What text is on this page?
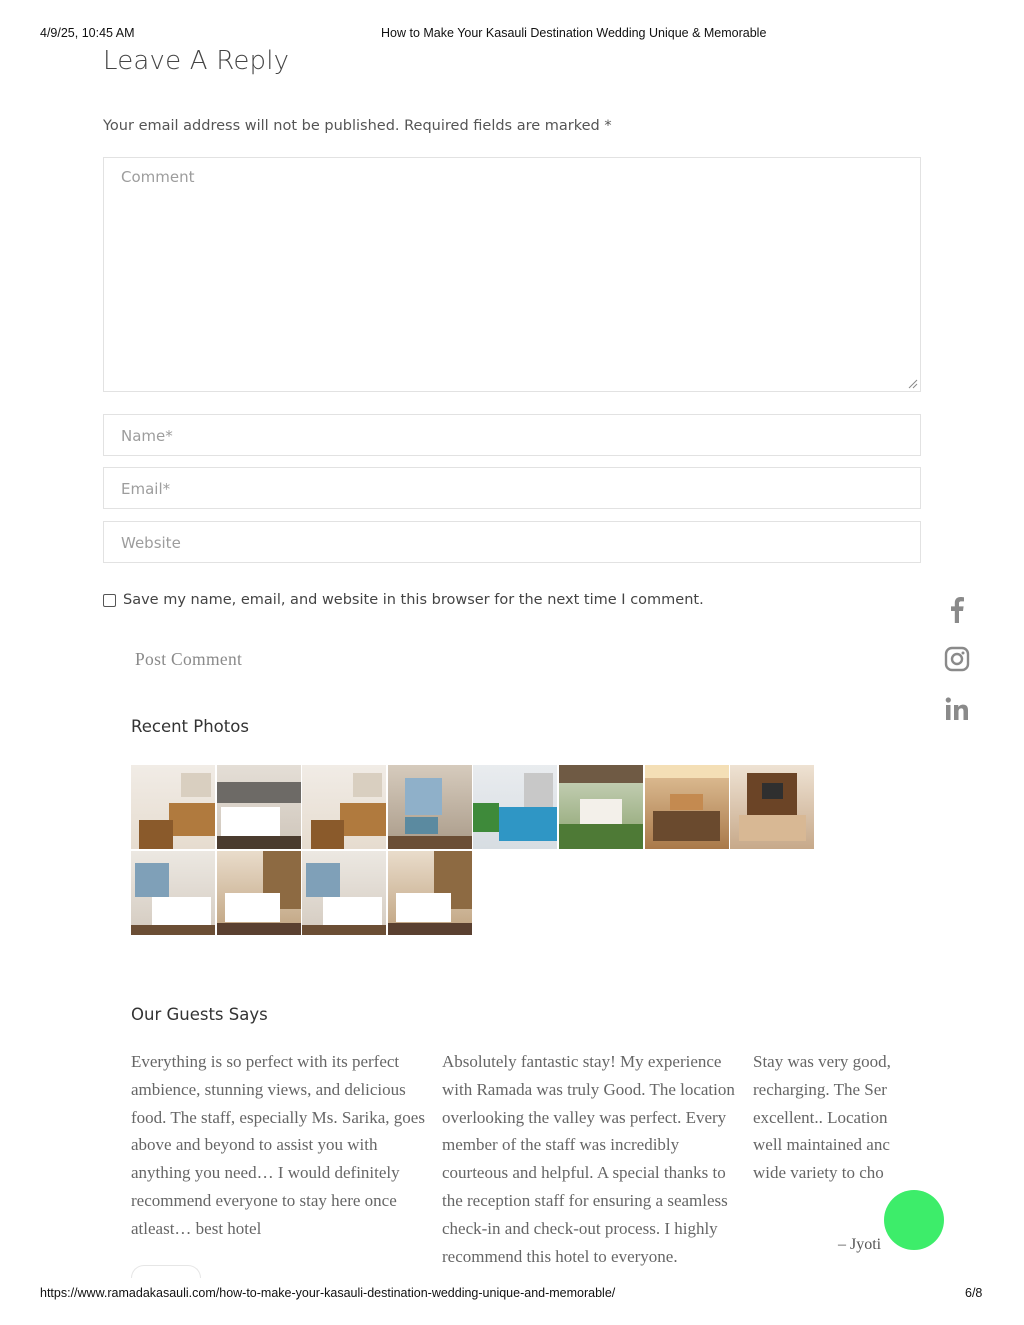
4/9/25, 10:45 AM	How to Make Your Kasauli Destination Wedding Unique & Memorable
Leave A Reply
Your email address will not be published. Required fields are marked *
Comment
Name*
Email*
Website
Save my name, email, and website in this browser for the next time I comment.
Post Comment
Recent Photos
Our Guests Says
Everything is so perfect with its perfect
ambience, stunning views, and delicious
food. The staff, especially Ms. Sarika, goes
above and beyond to assist you with
anything you need… I would definitely
recommend everyone to stay here once
atleast… best hotel
Absolutely fantastic stay! My experience
with Ramada was truly Good. The location
overlooking the valley was perfect. Every
member of the staff was incredibly
courteous and helpful. A special thanks to
the reception staff for ensuring a seamless
check-in and check-out process. I highly
recommend this hotel to everyone.
Stay was very good,
recharging. The Ser
excellent.. Location
well maintained anc
wide variety to cho
– Jyoti
https://www.ramadakasauli.com/how-to-make-your-kasauli-destination-wedding-unique-and-memorable/	6/8
